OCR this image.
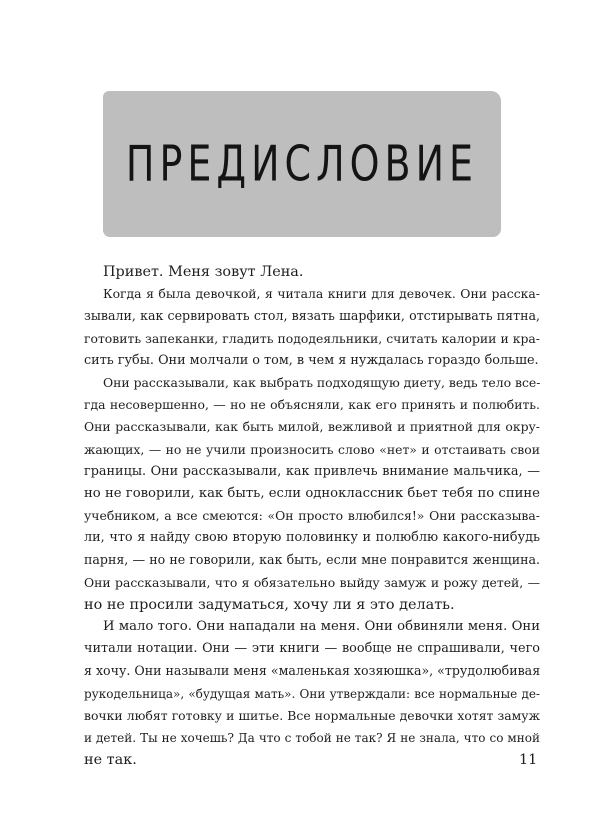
ПРЕДИСЛОВИЕ
Привет. Меня зовут Лена.
Когда я была девочкой, я читала книги для девочек. Они расска-
зывали, как сервировать стол, вязать шарфики, отстирывать пятна,
готовить запеканки, гладить пододеяльники, считать калории и кра-
сить губы. Они молчали о том, в чем я нуждалась гораздо больше.
Они рассказывали, как выбрать подходящую диету, ведь тело все-
гда несовершенно, — но не объясняли, как его принять и полюбить.
Они рассказывали, как быть милой, вежливой и приятной для окру-
жающих, — но не учили произносить слово «нет» и отстаивать свои
границы. Они рассказывали, как привлечь внимание мальчика, —
но не говорили, как быть, если одноклассник бьет тебя по спине
учебником, а все смеются: «Он просто влюбился!» Они рассказыва-
ли, что я найду свою вторую половинку и полюблю какого-нибудь
парня, — но не говорили, как быть, если мне понравится женщина.
Они рассказывали, что я обязательно выйду замуж и рожу детей, —
но не просили задуматься, хочу ли я это делать.
И мало того. Они нападали на меня. Они обвиняли меня. Они
читали нотации. Они — эти книги — вообще не спрашивали, чего
я хочу. Они называли меня «маленькая хозяюшка», «трудолюбивая
рукодельница», «будущая мать». Они утверждали: все нормальные де-
вочки любят готовку и шитье. Все нормальные девочки хотят замуж
и детей. Ты не хочешь? Да что с тобой не так? Я не знала, что со мной
не так.	11
